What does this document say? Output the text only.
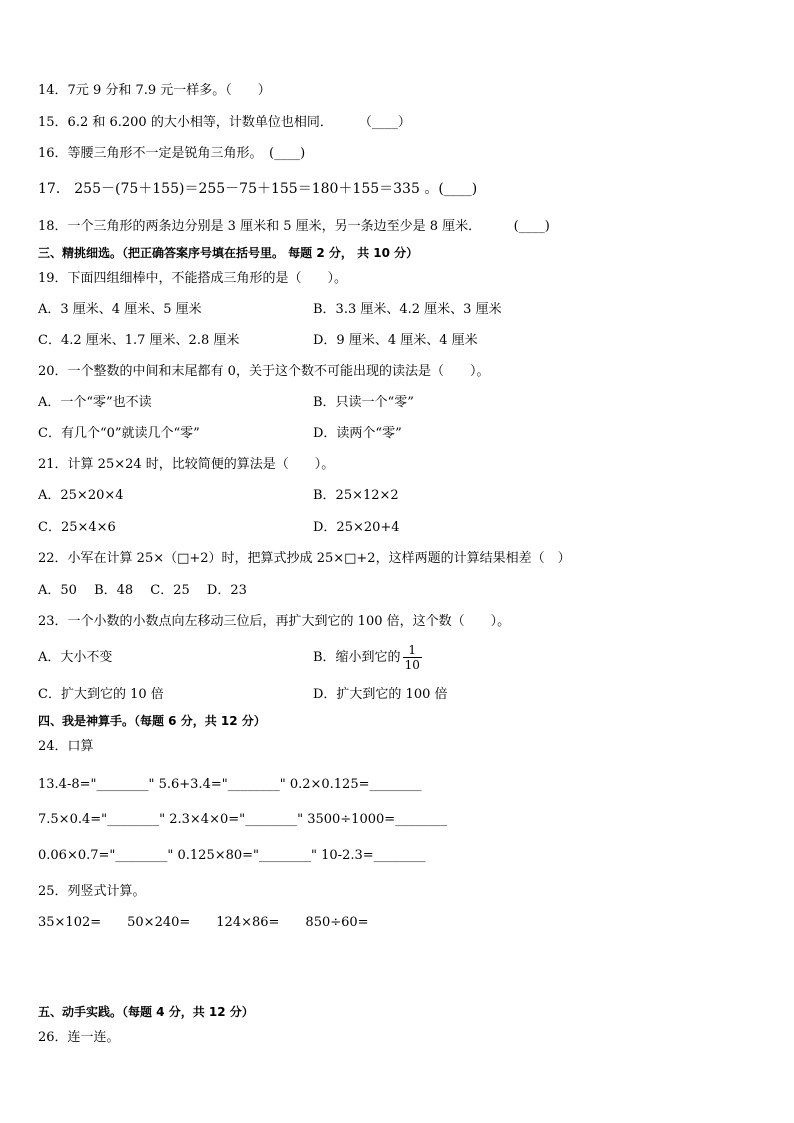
14．7元 9 分和 7.9 元一样多。（　　）
15．6.2 和 6.200 的大小相等，计数单位也相同．　　　（____）
16．等腰三角形不一定是锐角三角形。　(____)
17． 255－(75＋155)＝255－75＋155＝180＋155＝335 。(____)
18．一个三角形的两条边分别是 3 厘米和 5 厘米，另一条边至少是 8 厘米．　　　(____)
三、精挑细选。（把正确答案序号填在括号里。 每题 2 分， 共 10 分）
19．下面四组细棒中，不能搭成三角形的是（　　）。
A．3 厘米、4 厘米、5 厘米	B．3.3 厘米、4.2 厘米、3 厘米
C．4.2 厘米、1.7 厘米、2.8 厘米	D．9 厘米、4 厘米、4 厘米
20．一个整数的中间和末尾都有 0，关于这个数不可能出现的读法是（　　）。
A．一个“零”也不读	B．只读一个“零”
C．有几个“0”就读几个“零”	D．读两个“零”
21．计算 25×24 时，比较简便的算法是（　　）。
A．25×20×4	B．25×12×2
C．25×4×6	D．25×20+4
22．小军在计算 25×（□+2）时，把算式抄成 25×□+2，这样两题的计算结果相差（　）
A．50　 B．48　 C．25　 D．23
23．一个小数的小数点向左移动三位后，再扩大到它的 100 倍，这个数（　　）。
A．大小不变	B．缩小到它的 $\frac{1}{10}$
C．扩大到它的 10 倍	D．扩大到它的 100 倍
四、我是神算手。（每题 6 分，共 12 分）
24．口算
13.4-8="________" 5.6+3.4="________" 0.2×0.125=________
7.5×0.4="________" 2.3×4×0="________" 3500÷1000=________
0.06×0.7="________" 0.125×80="________" 10-2.3=________
25．列竖式计算。
35×102=　　50×240=　　124×86=　　850÷60=
五、动手实践。（每题 4 分，共 12 分）
26．连一连。
